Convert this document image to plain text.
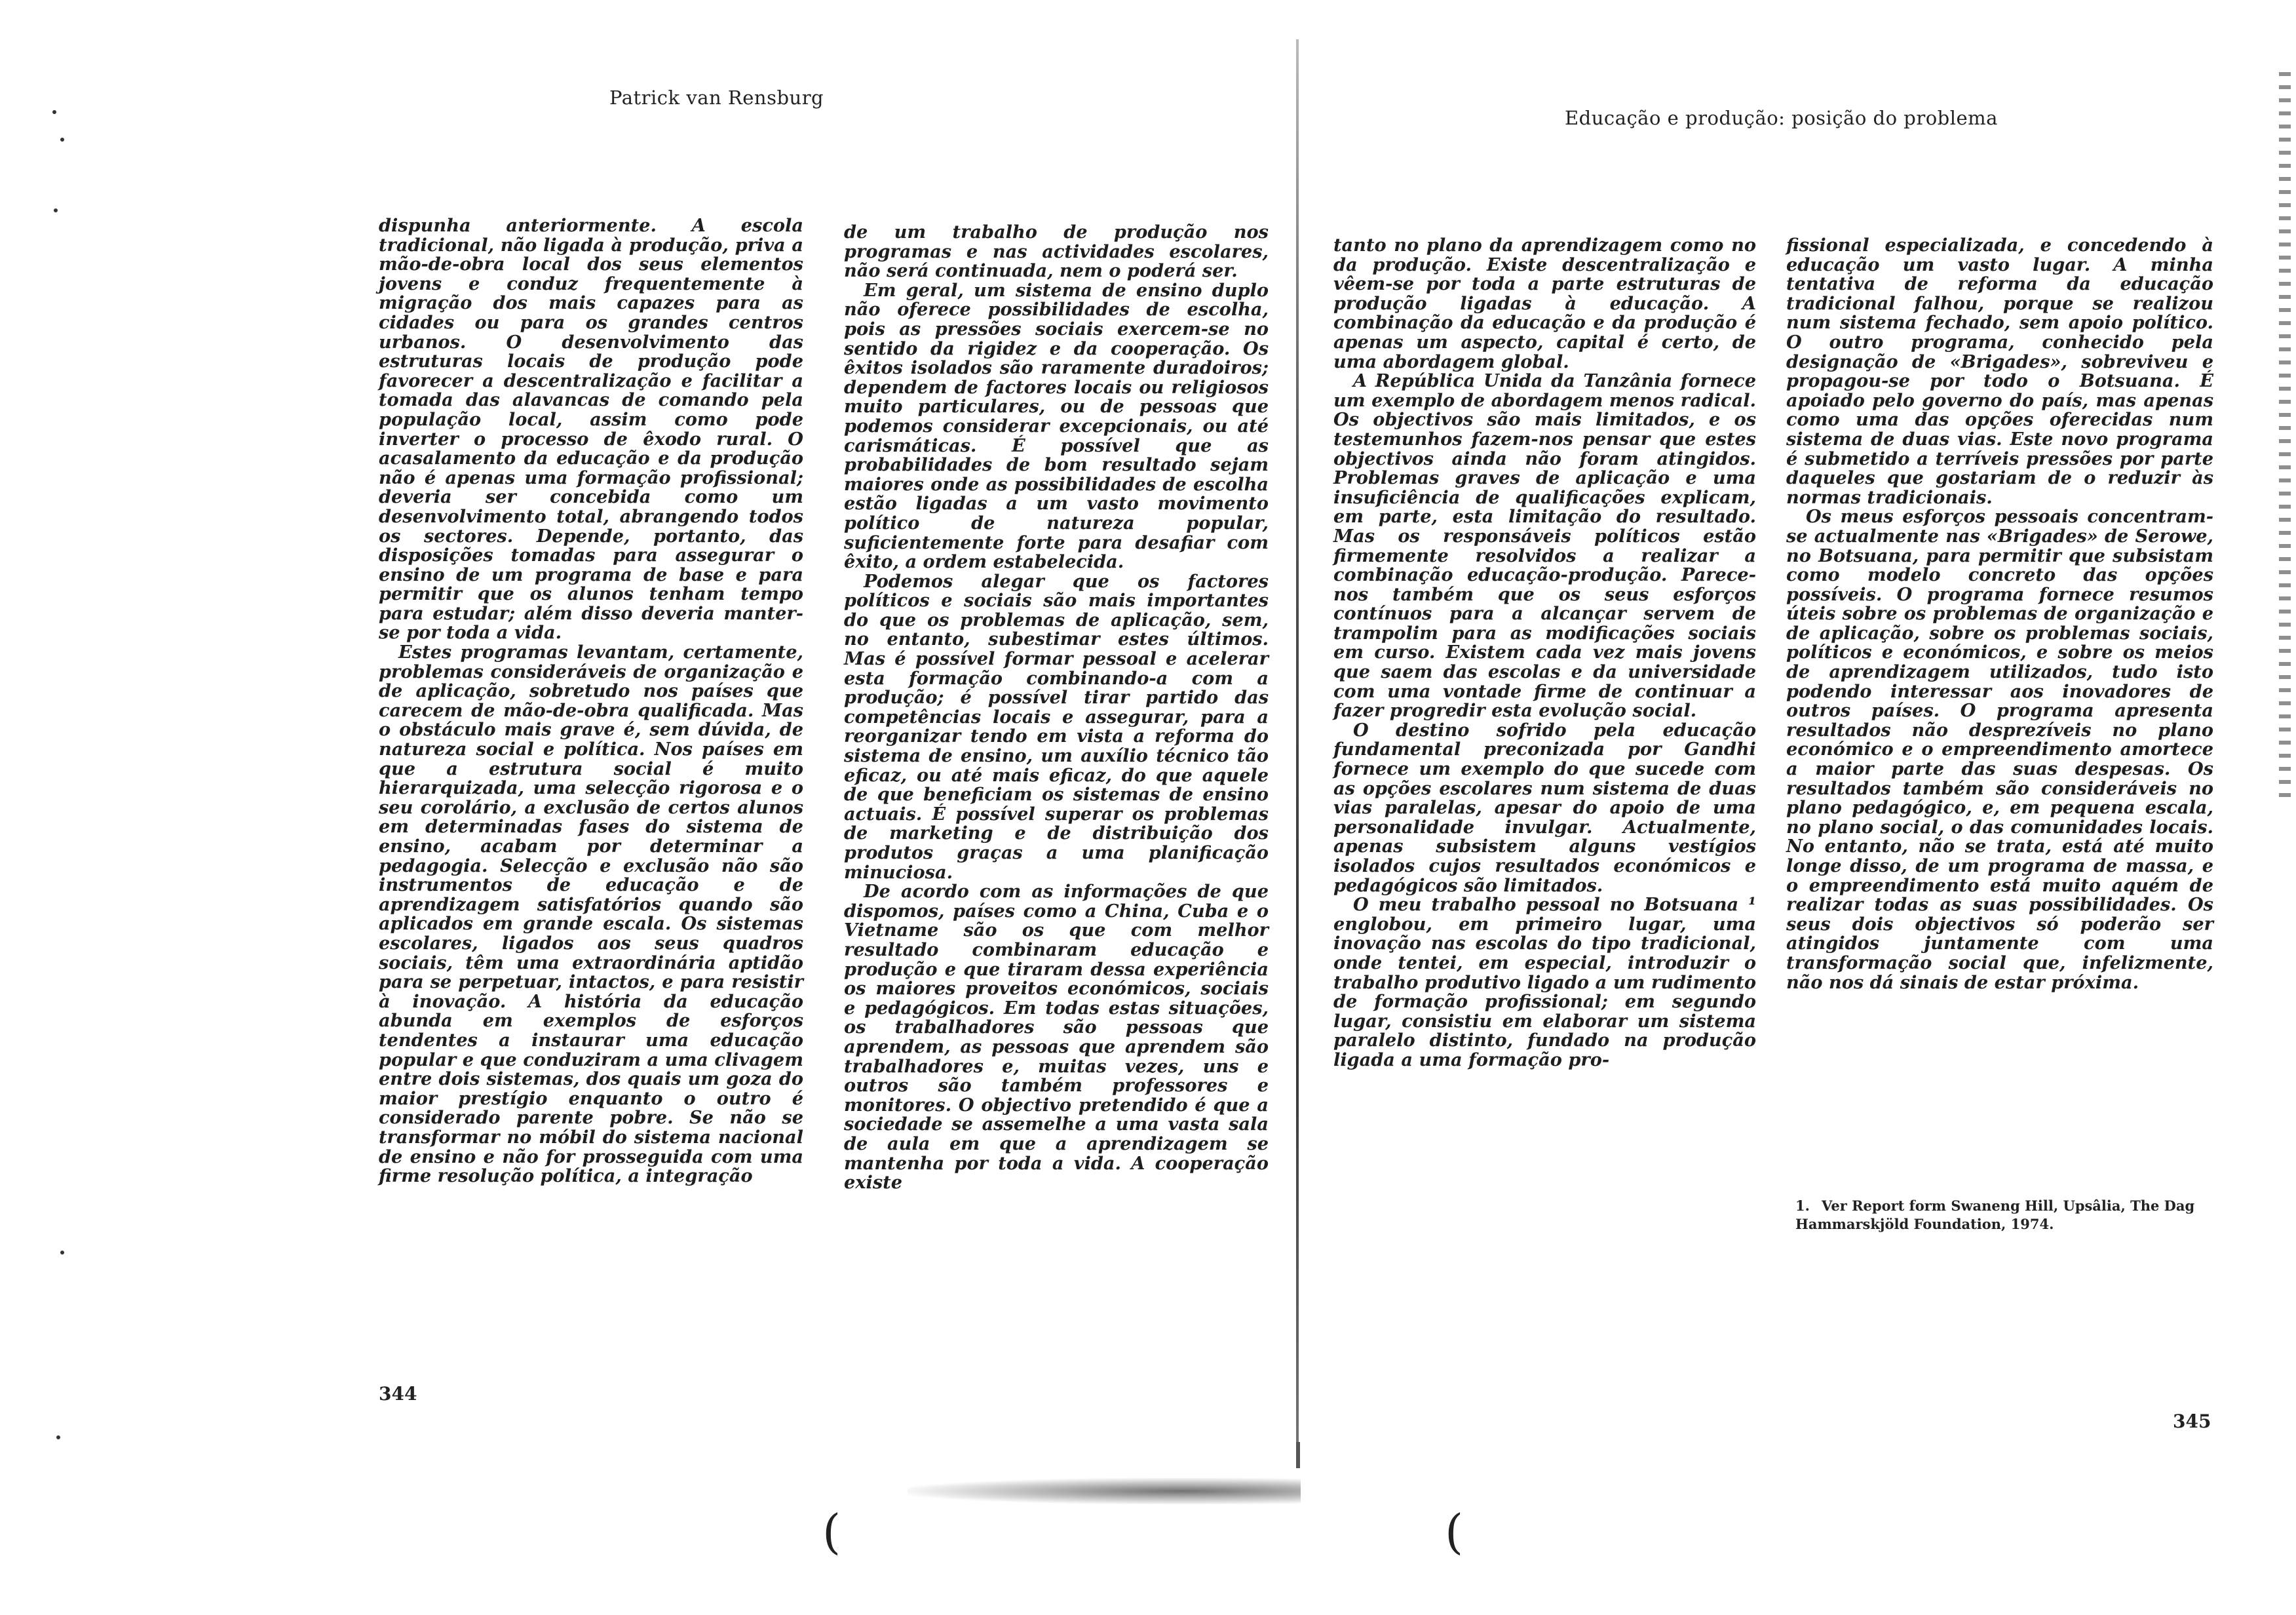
Patrick van Rensburg

dispunha anteriormente. A escola tradicional, não ligada à produção, priva a mão-de-obra local dos seus elementos jovens e conduz frequentemente à migração dos mais capazes para as cidades ou para os grandes centros urbanos. O desenvolvimento das estruturas locais de produção pode favorecer a descentralização e facilitar a tomada das alavancas de comando pela população local, assim como pode inverter o processo de êxodo rural. O acasalamento da educação e da produção não é apenas uma formação profissional; deveria ser concebida como um desenvolvimento total, abrangendo todos os sectores. Depende, portanto, das disposições tomadas para assegurar o ensino de um programa de base e para permitir que os alunos tenham tempo para estudar; além disso deveria manter-se por toda a vida.

Estes programas levantam, certamente, problemas consideráveis de organização e de aplicação, sobretudo nos países que carecem de mão-de-obra qualificada. Mas o obstáculo mais grave é, sem dúvida, de natureza social e política. Nos países em que a estrutura social é muito hierarquizada, uma selecção rigorosa e o seu corolário, a exclusão de certos alunos em determinadas fases do sistema de ensino, acabam por determinar a pedagogia. Selecção e exclusão não são instrumentos de educação e de aprendizagem satisfatórios quando são aplicados em grande escala. Os sistemas escolares, ligados aos seus quadros sociais, têm uma extraordinária aptidão para se perpetuar, intactos, e para resistir à inovação. A história da educação abunda em exemplos de esforços tendentes a instaurar uma educação popular e que conduziram a uma clivagem entre dois sistemas, dos quais um goza do maior prestígio enquanto o outro é considerado parente pobre. Se não se transformar no móbil do sistema nacional de ensino e não for prosseguida com uma firme resolução política, a integração

de um trabalho de produção nos programas e nas actividades escolares, não será continuada, nem o poderá ser.

Em geral, um sistema de ensino duplo não oferece possibilidades de escolha, pois as pressões sociais exercem-se no sentido da rigidez e da cooperação. Os êxitos isolados são raramente duradoiros; dependem de factores locais ou religiosos muito particulares, ou de pessoas que podemos considerar excepcionais, ou até carismáticas. É possível que as probabilidades de bom resultado sejam maiores onde as possibilidades de escolha estão ligadas a um vasto movimento político de natureza popular, suficientemente forte para desafiar com êxito, a ordem estabelecida.

Podemos alegar que os factores políticos e sociais são mais importantes do que os problemas de aplicação, sem, no entanto, subestimar estes últimos. Mas é possível formar pessoal e acelerar esta formação combinando-a com a produção; é possível tirar partido das competências locais e assegurar, para a reorganizar tendo em vista a reforma do sistema de ensino, um auxílio técnico tão eficaz, ou até mais eficaz, do que aquele de que beneficiam os sistemas de ensino actuais. É possível superar os problemas de marketing e de distribuição dos produtos graças a uma planificação minuciosa.

De acordo com as informações de que dispomos, países como a China, Cuba e o Vietname são os que com melhor resultado combinaram educação e produção e que tiraram dessa experiência os maiores proveitos económicos, sociais e pedagógicos. Em todas estas situações, os trabalhadores são pessoas que aprendem, as pessoas que aprendem são trabalhadores e, muitas vezes, uns e outros são também professores e monitores. O objectivo pretendido é que a sociedade se assemelhe a uma vasta sala de aula em que a aprendizagem se mantenha por toda a vida. A cooperação existe

344
Educação e produção: posição do problema

tanto no plano da aprendizagem como no da produção. Existe descentralização e vêem-se por toda a parte estruturas de produção ligadas à educação. A combinação da educação e da produção é apenas um aspecto, capital é certo, de uma abordagem global.

A República Unida da Tanzânia fornece um exemplo de abordagem menos radical. Os objectivos são mais limitados, e os testemunhos fazem-nos pensar que estes objectivos ainda não foram atingidos. Problemas graves de aplicação e uma insuficiência de qualificações explicam, em parte, esta limitação do resultado. Mas os responsáveis políticos estão firmemente resolvidos a realizar a combinação educação-produção. Parece-nos também que os seus esforços contínuos para a alcançar servem de trampolim para as modificações sociais em curso. Existem cada vez mais jovens que saem das escolas e da universidade com uma vontade firme de continuar a fazer progredir esta evolução social.

O destino sofrido pela educação fundamental preconizada por Gandhi fornece um exemplo do que sucede com as opções escolares num sistema de duas vias paralelas, apesar do apoio de uma personalidade invulgar. Actualmente, apenas subsistem alguns vestígios isolados cujos resultados económicos e pedagógicos são limitados.

O meu trabalho pessoal no Botsuana ¹ englobou, em primeiro lugar, uma inovação nas escolas do tipo tradicional, onde tentei, em especial, introduzir o trabalho produtivo ligado a um rudimento de formação profissional; em segundo lugar, consistiu em elaborar um sistema paralelo distinto, fundado na produção ligada a uma formação pro-

fissional especializada, e concedendo à educação um vasto lugar. A minha tentativa de reforma da educação tradicional falhou, porque se realizou num sistema fechado, sem apoio político. O outro programa, conhecido pela designação de «Brigades», sobreviveu e propagou-se por todo o Botsuana. É apoiado pelo governo do país, mas apenas como uma das opções oferecidas num sistema de duas vias. Este novo programa é submetido a terríveis pressões por parte daqueles que gostariam de o reduzir às normas tradicionais.

Os meus esforços pessoais concentram-se actualmente nas «Brigades» de Serowe, no Botsuana, para permitir que subsistam como modelo concreto das opções possíveis. O programa fornece resumos úteis sobre os problemas de organização e de aplicação, sobre os problemas sociais, políticos e económicos, e sobre os meios de aprendizagem utilizados, tudo isto podendo interessar aos inovadores de outros países. O programa apresenta resultados não desprezíveis no plano económico e o empreendimento amortece a maior parte das suas despesas. Os resultados também são consideráveis no plano pedagógico, e, em pequena escala, no plano social, o das comunidades locais. No entanto, não se trata, está até muito longe disso, de um programa de massa, e o empreendimento está muito aquém de realizar todas as suas possibilidades. Os seus dois objectivos só poderão ser atingidos juntamente com uma transformação social que, infelizmente, não nos dá sinais de estar próxima.

1. Ver Report form Swaneng Hill, Upsâlia, The Dag Hammarskjöld Foundation, 1974.
345
(	(
